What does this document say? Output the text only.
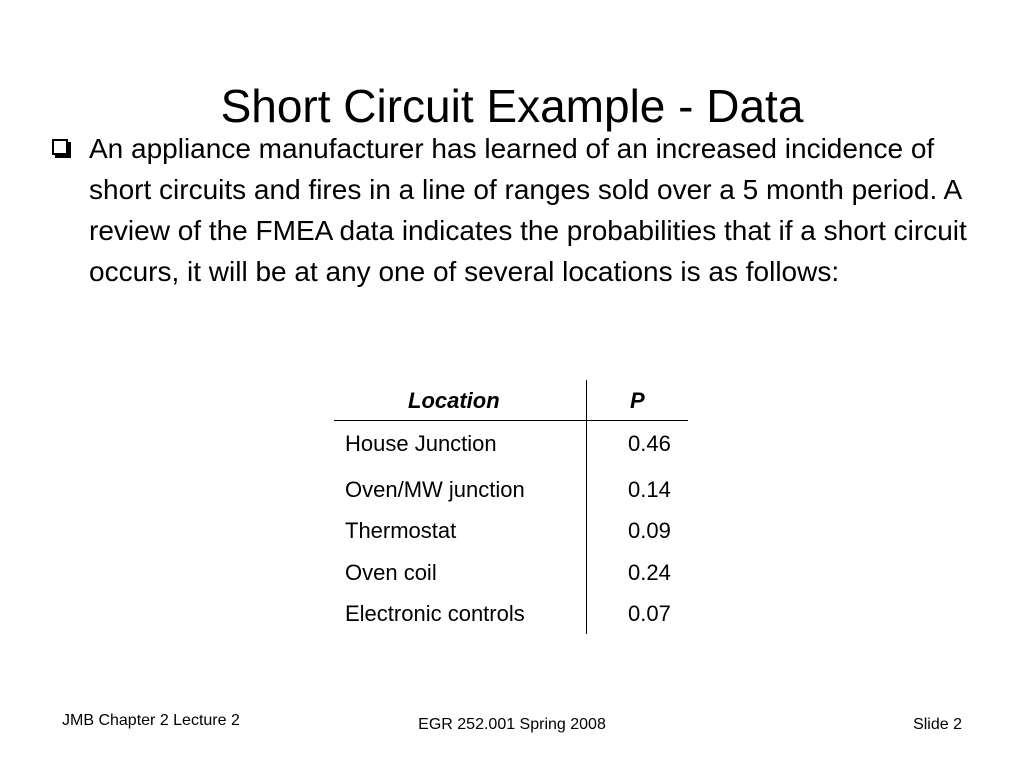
Short Circuit Example - Data

An appliance manufacturer has learned of an increased incidence of short circuits and fires in a line of ranges sold over a 5 month period. A review of the FMEA data indicates the probabilities that if a short circuit occurs, it will be at any one of several locations is as follows:

Location	P
House Junction	0.46
Oven/MW junction	0.14
Thermostat	0.09
Oven coil	0.24
Electronic controls	0.07
JMB Chapter 2 Lecture 2	EGR 252.001 Spring 2008	Slide 2
